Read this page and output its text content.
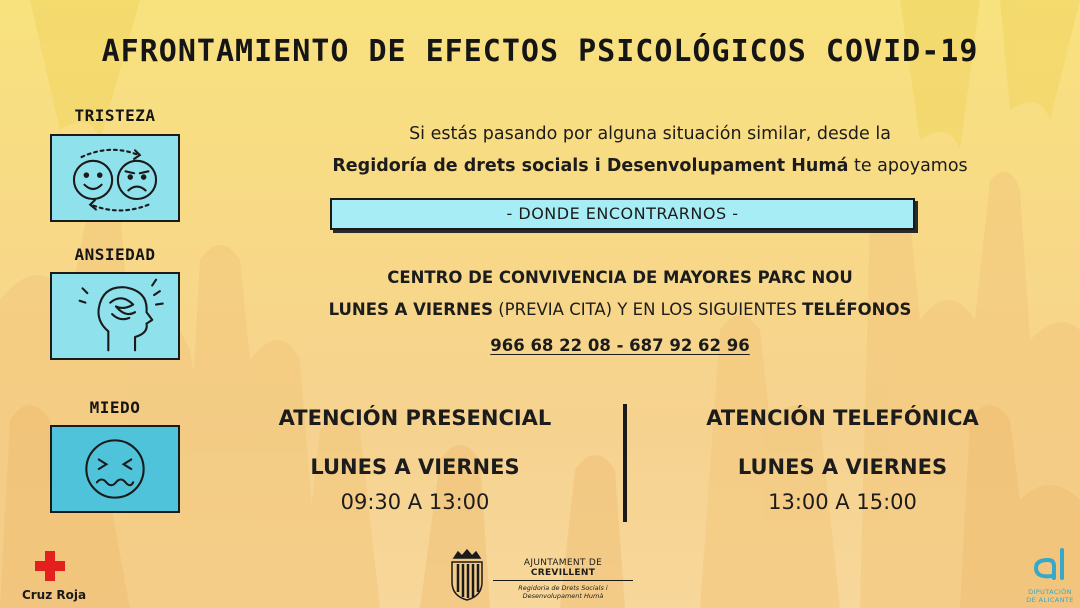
AFRONTAMIENTO DE EFECTOS PSICOLÓGICOS COVID-19
TRISTEZA
ANSIEDAD
MIEDO
Si estás pasando por alguna situación similar, desde la
Regidoría de drets socials i Desenvolupament Humá te apoyamos
- DONDE ENCONTRARNOS -
CENTRO DE CONVIVENCIA DE MAYORES PARC NOU
LUNES A VIERNES (PREVIA CITA) Y EN LOS SIGUIENTES TELÉFONOS
966 68 22 08 - 687 92 62 96
ATENCIÓN PRESENCIAL
LUNES A VIERNES
09:30 A 13:00
ATENCIÓN TELEFÓNICA
LUNES A VIERNES
13:00 A 15:00
Cruz Roja
AJUNTAMENT DE CREVILLENT
Regidoria de Drets Socials i
Desenvolupament Humà	DIPUTACIÓN
DE ALICANTE
